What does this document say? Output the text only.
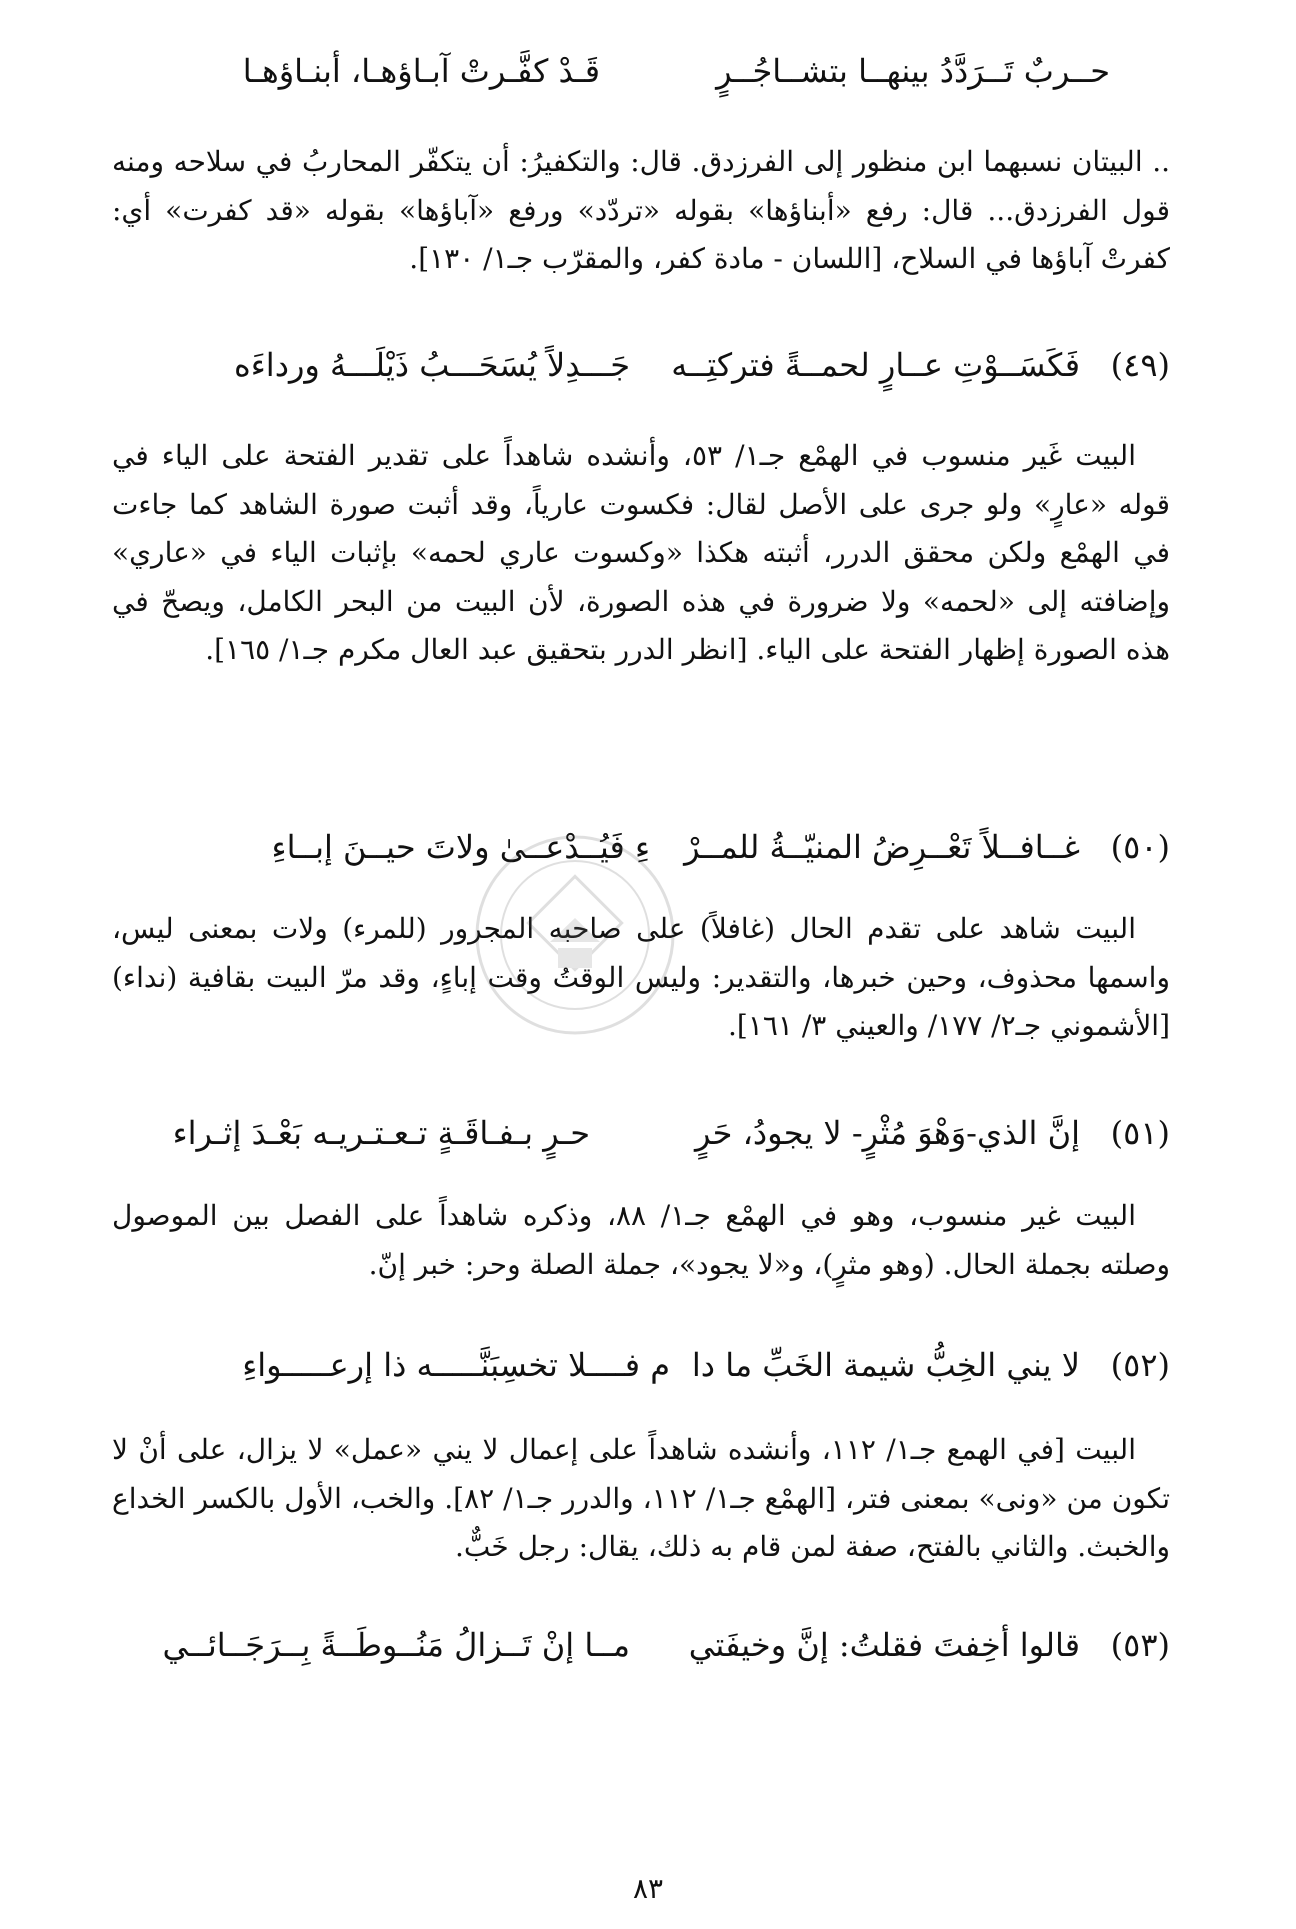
حــربٌ تَــرَدَّدُ بينهــا بتشــاجُــرٍ
قَـدْ كفَّـرتْ آبـاؤهـا، أبنـاؤهـا

.. البيتان نسبهما ابن منظور إلى الفرزدق. قال: والتكفيرُ: أن يتكفّر المحاربُ في سلاحه ومنه قول الفرزدق... قال: رفع «أبناؤها» بقوله «تردّد» ورفع «آباؤها» بقوله «قد كفرت» أي: كفرتْ آباؤها في السلاح، [اللسان - مادة كفر، والمقرّب جـ١/ ١٣٠].

(٤٩)
فَكَسَــوْتِ عــارٍ لحمــةً فتركتِــه
جَـــدِلاً يُسَحَـــبُ ذَيْلَـــهُ ورداءَه

البيت غَير منسوب في الهمْع جـ١/ ٥٣، وأنشده شاهداً على تقدير الفتحة على الياء في قوله «عارٍ» ولو جرى على الأصل لقال: فكسوت عارياً، وقد أثبت صورة الشاهد كما جاءت في الهمْع ولكن محقق الدرر، أثبته هكذا «وكسوت عاري لحمه» بإثبات الياء في «عاري» وإضافته إلى «لحمه» ولا ضرورة في هذه الصورة، لأن البيت من البحر الكامل، ويصحّ في هذه الصورة إظهار الفتحة على الياء. [انظر الدرر بتحقيق عبد العال مكرم جـ١/ ١٦٥].

(٥٠)
غــافــلاً تَعْــرِضُ المنيّــةُ للمــرْ
ءِ فَيُــدْعــىٰ ولاتَ حيــنَ إبــاءِ

البيت شاهد على تقدم الحال (غافلاً) على صاحبه المجرور (للمرء) ولات بمعنى ليس، واسمها محذوف، وحين خبرها، والتقدير: وليس الوقتُ وقت إباءٍ، وقد مرّ البيت بقافية (نداء) [الأشموني جـ٢/ ١٧٧/ والعيني ٣/ ١٦١].

(٥١)
إنَّ الذي-وَهْوَ مُثْرٍ- لا يجودُ، حَرٍ
حـرٍ بـفـاقَـةٍ تـعـتـريـه بَعْـدَ إثـراء

البيت غير منسوب، وهو في الهمْع جـ١/ ٨٨، وذكره شاهداً على الفصل بين الموصول وصلته بجملة الحال. (وهو مثرٍ)، و«لا يجود»، جملة الصلة وحر: خبر إنّ.

(٥٢)
لا يني الخِبُّ شيمة الخَبِّ ما دا
م فــــلا تخسِبَنَّـــــه ذا إرعـــــواءِ

البيت [في الهمع جـ١/ ١١٢، وأنشده شاهداً على إعمال لا يني «عمل» لا يزال، على أنْ لا تكون من «ونى» بمعنى فتر، [الهمْع جـ١/ ١١٢، والدرر جـ١/ ٨٢]. والخب، الأول بالكسر الخداع والخبث. والثاني بالفتح، صفة لمن قام به ذلك، يقال: رجل خَبٌّ.

(٥٣)
قالوا أخِفتَ فقلتُ: إنَّ وخيفَتي
مــا إنْ تَــزالُ مَنُــوطَــةً بِــرَجَــائــي
٨٣
